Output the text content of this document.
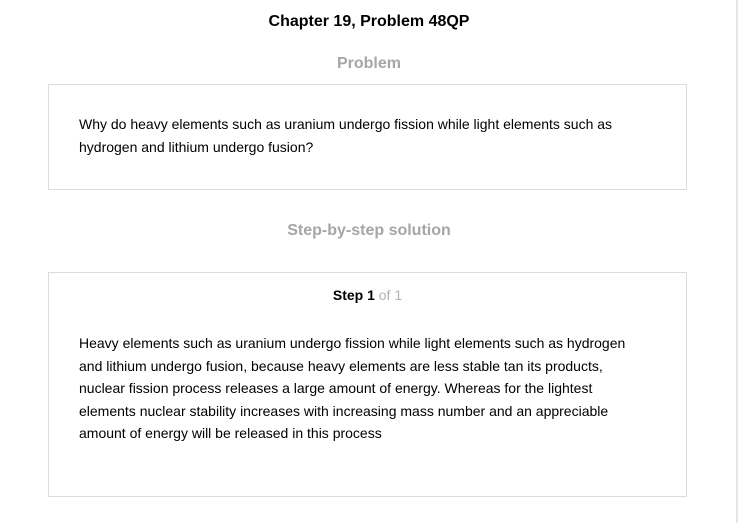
Chapter 19, Problem 48QP
Problem
Why do heavy elements such as uranium undergo fission while light elements such as hydrogen and lithium undergo fusion?
Step-by-step solution
Step 1 of 1
Heavy elements such as uranium undergo fission while light elements such as hydrogen and lithium undergo fusion, because heavy elements are less stable tan its products, nuclear fission process releases a large amount of energy. Whereas for the lightest elements nuclear stability increases with increasing mass number and an appreciable amount of energy will be released in this process
